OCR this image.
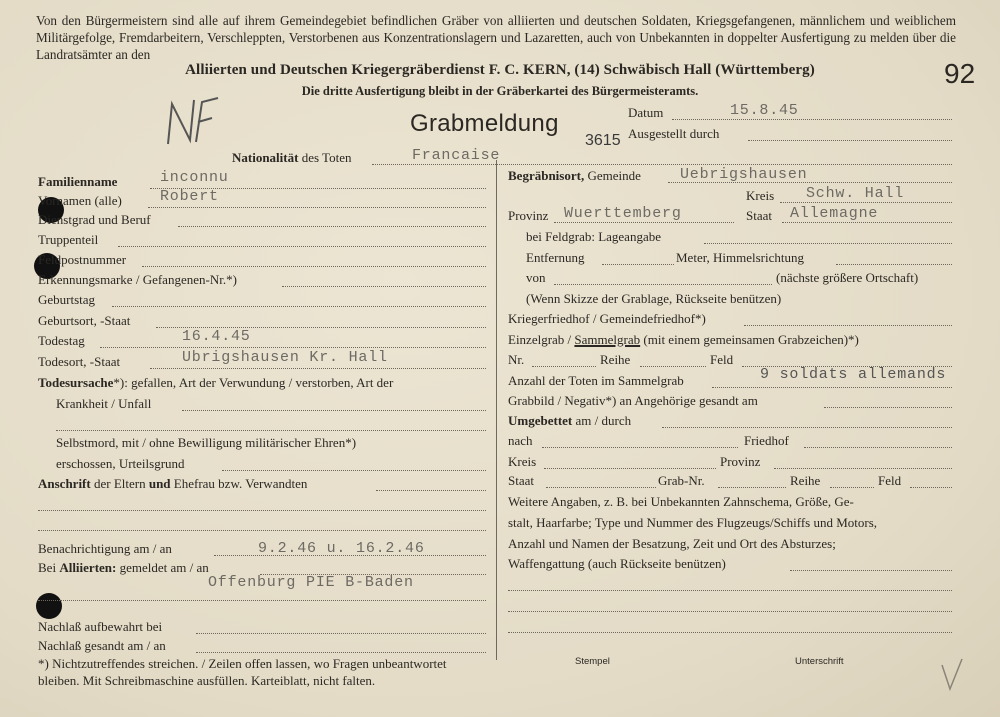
Von den Bürgermeistern sind alle auf ihrem Gemeindegebiet befindlichen Gräber von alliierten und deutschen Soldaten, Kriegsgefangenen, männlichem und weiblichem Militärgefolge, Fremdarbeitern, Verschleppten, Verstorbenen aus Konzentrationslagern und Lazaretten, auch von Unbekannten in doppelter Ausfertigung zu melden über die Landratsämter an den
Alliierten und Deutschen Kriegergräberdienst F. C. KERN, (14) Schwäbisch Hall (Württemberg)
Die dritte Ausfertigung bleibt in der Gräberkartei des Bürgermeisteramts.
92
Grabmeldung
3615
Datum	15.8.45
Ausgestellt durch
Nationalität des Toten	Francaise
Familienname	inconnu
Vornamen (alle)	Robert
Dienstgrad und Beruf
Truppenteil
Feldpostnummer
Erkennungsmarke / Gefangenen-Nr.*)
Geburtstag
Geburtsort, -Staat
Todestag	16.4.45
Todesort, -Staat	Ubrigshausen Kr. Hall
Todesursache*): gefallen, Art der Verwundung / verstorben, Art der
Krankheit / Unfall
Selbstmord, mit / ohne Bewilligung militärischer Ehren*)
erschossen, Urteilsgrund
Anschrift der Eltern und Ehefrau bzw. Verwandten
Benachrichtigung am / an	9.2.46 u. 16.2.46
Bei Alliierten: gemeldet am / an
Offenburg PIE B-Baden
Nachlaß aufbewahrt bei
Nachlaß gesandt am / an
Begräbnisort, Gemeinde	Uebrigshausen
Kreis Schw. Hall
Provinz Wuerttemberg	Staat Allemagne
bei Feldgrab: Lageangabe
Entfernung	Meter, Himmelsrichtung
von	(nächste größere Ortschaft)
(Wenn Skizze der Grablage, Rückseite benützen)
Kriegerfriedhof / Gemeindefriedhof*)
Einzelgrab / Sammelgrab (mit einem gemeinsamen Grabzeichen)*)
Nr.	Reihe	Feld
Anzahl der Toten im Sammelgrab	9 soldats allemands
Grabbild / Negativ*) an Angehörige gesandt am
Umgebettet am / durch
nach	Friedhof
Kreis	Provinz
Staat	Grab-Nr.	Reihe	Feld
Weitere Angaben, z. B. bei Unbekannten Zahnschema, Größe, Ge-
stalt, Haarfarbe; Type und Nummer des Flugzeugs/Schiffs und Motors,
Anzahl und Namen der Besatzung, Zeit und Ort des Absturzes;
Waffengattung (auch Rückseite benützen)
*) Nichtzutreffendes streichen. / Zeilen offen lassen, wo Fragen unbeantwortet
bleiben. Mit Schreibmaschine ausfüllen. Karteiblatt, nicht falten.
Stempel	Unterschrift
